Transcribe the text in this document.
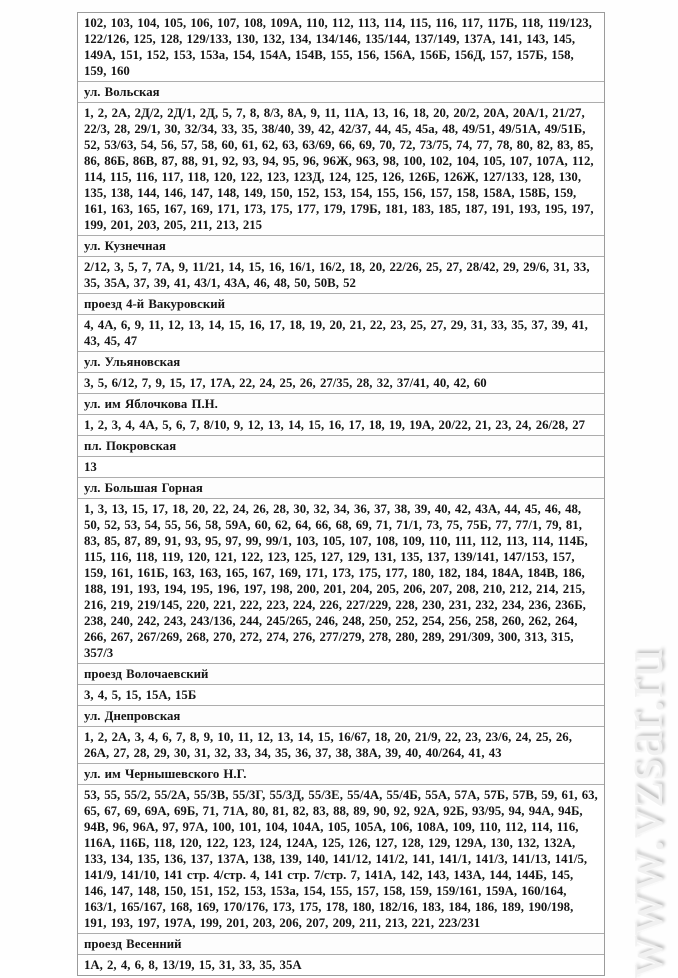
102, 103, 104, 105, 106, 107, 108, 109А, 110, 112, 113, 114, 115, 116, 117, 117Б, 118, 119/123, 122/126, 125, 128, 129/133, 130, 132, 134, 134/146, 135/144, 137/149, 137А, 141, 143, 145, 149А, 151, 152, 153, 153а, 154, 154А, 154В, 155, 156, 156А, 156Б, 156Д, 157, 157Б, 158, 159, 160
ул. Вольская
1, 2, 2А, 2Д/2, 2Д/1, 2Д, 5, 7, 8, 8/3, 8А, 9, 11, 11А, 13, 16, 18, 20, 20/2, 20А, 20А/1, 21/27, 22/3, 28, 29/1, 30, 32/34, 33, 35, 38/40, 39, 42, 42/37, 44, 45, 45а, 48, 49/51, 49/51А, 49/51Б, 52, 53/63, 54, 56, 57, 58, 60, 61, 62, 63, 63/69, 66, 69, 70, 72, 73/75, 74, 77, 78, 80, 82, 83, 85, 86, 86Б, 86В, 87, 88, 91, 92, 93, 94, 95, 96, 96Ж, 96З, 98, 100, 102, 104, 105, 107, 107А, 112, 114, 115, 116, 117, 118, 120, 122, 123, 123Д, 124, 125, 126, 126Б, 126Ж, 127/133, 128, 130, 135, 138, 144, 146, 147, 148, 149, 150, 152, 153, 154, 155, 156, 157, 158, 158А, 158Б, 159, 161, 163, 165, 167, 169, 171, 173, 175, 177, 179, 179Б, 181, 183, 185, 187, 191, 193, 195, 197, 199, 201, 203, 205, 211, 213, 215
ул. Кузнечная
2/12, 3, 5, 7, 7А, 9, 11/21, 14, 15, 16, 16/1, 16/2, 18, 20, 22/26, 25, 27, 28/42, 29, 29/6, 31, 33, 35, 35А, 37, 39, 41, 43/1, 43А, 46, 48, 50, 50В, 52
проезд 4-й Вакуровский
4, 4А, 6, 9, 11, 12, 13, 14, 15, 16, 17, 18, 19, 20, 21, 22, 23, 25, 27, 29, 31, 33, 35, 37, 39, 41, 43, 45, 47
ул. Ульяновская
3, 5, 6/12, 7, 9, 15, 17, 17А, 22, 24, 25, 26, 27/35, 28, 32, 37/41, 40, 42, 60
ул. им Яблочкова П.Н.
1, 2, 3, 4, 4А, 5, 6, 7, 8/10, 9, 12, 13, 14, 15, 16, 17, 18, 19, 19А, 20/22, 21, 23, 24, 26/28, 27
пл. Покровская
13
ул. Большая Горная
1, 3, 13, 15, 17, 18, 20, 22, 24, 26, 28, 30, 32, 34, 36, 37, 38, 39, 40, 42, 43А, 44, 45, 46, 48, 50, 52, 53, 54, 55, 56, 58, 59А, 60, 62, 64, 66, 68, 69, 71, 71/1, 73, 75, 75Б, 77, 77/1, 79, 81, 83, 85, 87, 89, 91, 93, 95, 97, 99, 99/1, 103, 105, 107, 108, 109, 110, 111, 112, 113, 114, 114Б, 115, 116, 118, 119, 120, 121, 122, 123, 125, 127, 129, 131, 135, 137, 139/141, 147/153, 157, 159, 161, 161Б, 163, 163, 165, 167, 169, 171, 173, 175, 177, 180, 182, 184, 184А, 184В, 186, 188, 191, 193, 194, 195, 196, 197, 198, 200, 201, 204, 205, 206, 207, 208, 210, 212, 214, 215, 216, 219, 219/145, 220, 221, 222, 223, 224, 226, 227/229, 228, 230, 231, 232, 234, 236, 236Б, 238, 240, 242, 243, 243/136, 244, 245/265, 246, 248, 250, 252, 254, 256, 258, 260, 262, 264, 266, 267, 267/269, 268, 270, 272, 274, 276, 277/279, 278, 280, 289, 291/309, 300, 313, 315, 357/3
проезд Волочаевский
3, 4, 5, 15, 15А, 15Б
ул. Днепровская
1, 2, 2А, 3, 4, 6, 7, 8, 9, 10, 11, 12, 13, 14, 15, 16/67, 18, 20, 21/9, 22, 23, 23/6, 24, 25, 26, 26А, 27, 28, 29, 30, 31, 32, 33, 34, 35, 36, 37, 38, 38А, 39, 40, 40/264, 41, 43
ул. им Чернышевского Н.Г.
53, 55, 55/2, 55/2А, 55/3В, 55/3Г, 55/3Д, 55/3Е, 55/4А, 55/4Б, 55А, 57А, 57Б, 57В, 59, 61, 63, 65, 67, 69, 69А, 69Б, 71, 71А, 80, 81, 82, 83, 88, 89, 90, 92, 92А, 92Б, 93/95, 94, 94А, 94Б, 94В, 96, 96А, 97, 97А, 100, 101, 104, 104А, 105, 105А, 106, 108А, 109, 110, 112, 114, 116, 116А, 116Б, 118, 120, 122, 123, 124, 124А, 125, 126, 127, 128, 129, 129А, 130, 132, 132А, 133, 134, 135, 136, 137, 137А, 138, 139, 140, 141/12, 141/2, 141, 141/1, 141/3, 141/13, 141/5, 141/9, 141/10, 141 стр. 4/стр. 4, 141 стр. 7/стр. 7, 141А, 142, 143, 143А, 144, 144Б, 145, 146, 147, 148, 150, 151, 152, 153, 153а, 154, 155, 157, 158, 159, 159/161, 159А, 160/164, 163/1, 165/167, 168, 169, 170/176, 173, 175, 178, 180, 182/16, 183, 184, 186, 189, 190/198, 191, 193, 197, 197А, 199, 201, 203, 206, 207, 209, 211, 213, 221, 223/231
проезд Весенний
1А, 2, 4, 6, 8, 13/19, 15, 31, 33, 35, 35А	www.vzsar.ru
